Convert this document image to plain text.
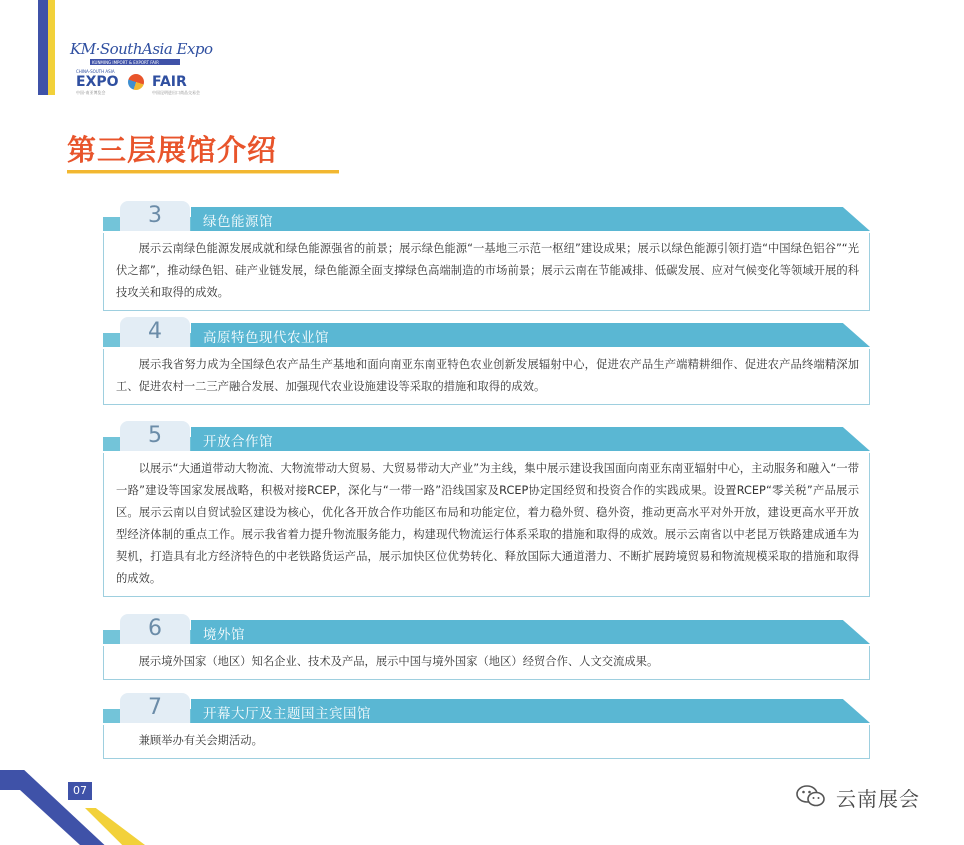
KM·SouthAsia Expo
KUNMING IMPORT & EXPORT FAIR
CHINA-SOUTH ASIA
EXPO FAIR
中国-南亚博览会	中国昆明进出口商品交易会
第三层展馆介绍
3	绿色能源馆
展示云南绿色能源发展成就和绿色能源强省的前景；展示绿色能源“一基地三示范一枢纽”建设成果；展示以绿色能源引领打造“中国绿色铝谷”“光伏之都”，推动绿色铝、硅产业链发展，绿色能源全面支撑绿色高端制造的市场前景；展示云南在节能减排、低碳发展、应对气候变化等领域开展的科技攻关和取得的成效。
4	高原特色现代农业馆
展示我省努力成为全国绿色农产品生产基地和面向南亚东南亚特色农业创新发展辐射中心，促进农产品生产端精耕细作、促进农产品终端精深加工、促进农村一二三产融合发展、加强现代农业设施建设等采取的措施和取得的成效。
5	开放合作馆
以展示“大通道带动大物流、大物流带动大贸易、大贸易带动大产业”为主线，集中展示建设我国面向南亚东南亚辐射中心，主动服务和融入“一带一路”建设等国家发展战略，积极对接RCEP，深化与“一带一路”沿线国家及RCEP协定国经贸和投资合作的实践成果。设置RCEP“零关税”产品展示区。展示云南以自贸试验区建设为核心，优化各开放合作功能区布局和功能定位，着力稳外贸、稳外资，推动更高水平对外开放，建设更高水平开放型经济体制的重点工作。展示我省着力提升物流服务能力，构建现代物流运行体系采取的措施和取得的成效。展示云南省以中老昆万铁路建成通车为契机，打造具有北方经济特色的中老铁路货运产品，展示加快区位优势转化、释放国际大通道潜力、不断扩展跨境贸易和物流规模采取的措施和取得的成效。
6	境外馆
展示境外国家（地区）知名企业、技术及产品，展示中国与境外国家（地区）经贸合作、人文交流成果。
7	开幕大厅及主题国主宾国馆
兼顾举办有关会期活动。
07	云南展会
